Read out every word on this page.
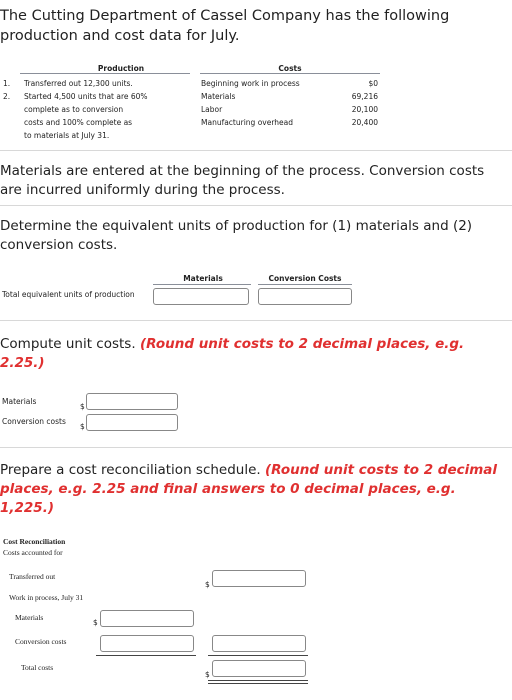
The Cutting Department of Cassel Company has the following production and cost data for July.
Production	Costs
1. Transferred out 12,300 units.
2. Started 4,500 units that are 60%
complete as to conversion
costs and 100% complete as
to materials at July 31.
Beginning work in process	$0
Materials	69,216
Labor	20,100
Manufacturing overhead	20,400
Materials are entered at the beginning of the process. Conversion costs are incurred uniformly during the process.
Determine the equivalent units of production for (1) materials and (2) conversion costs.
Materials	Conversion Costs
Total equivalent units of production
Compute unit costs. (Round unit costs to 2 decimal places, e.g. 2.25.)
Materials
$
Conversion costs
$
Prepare a cost reconciliation schedule. (Round unit costs to 2 decimal places, e.g. 2.25 and final answers to 0 decimal places, e.g. 1,225.)
Cost Reconciliation
Costs accounted for
Transferred out
$
Work in process, July 31
Materials
$
Conversion costs
Total costs
$
